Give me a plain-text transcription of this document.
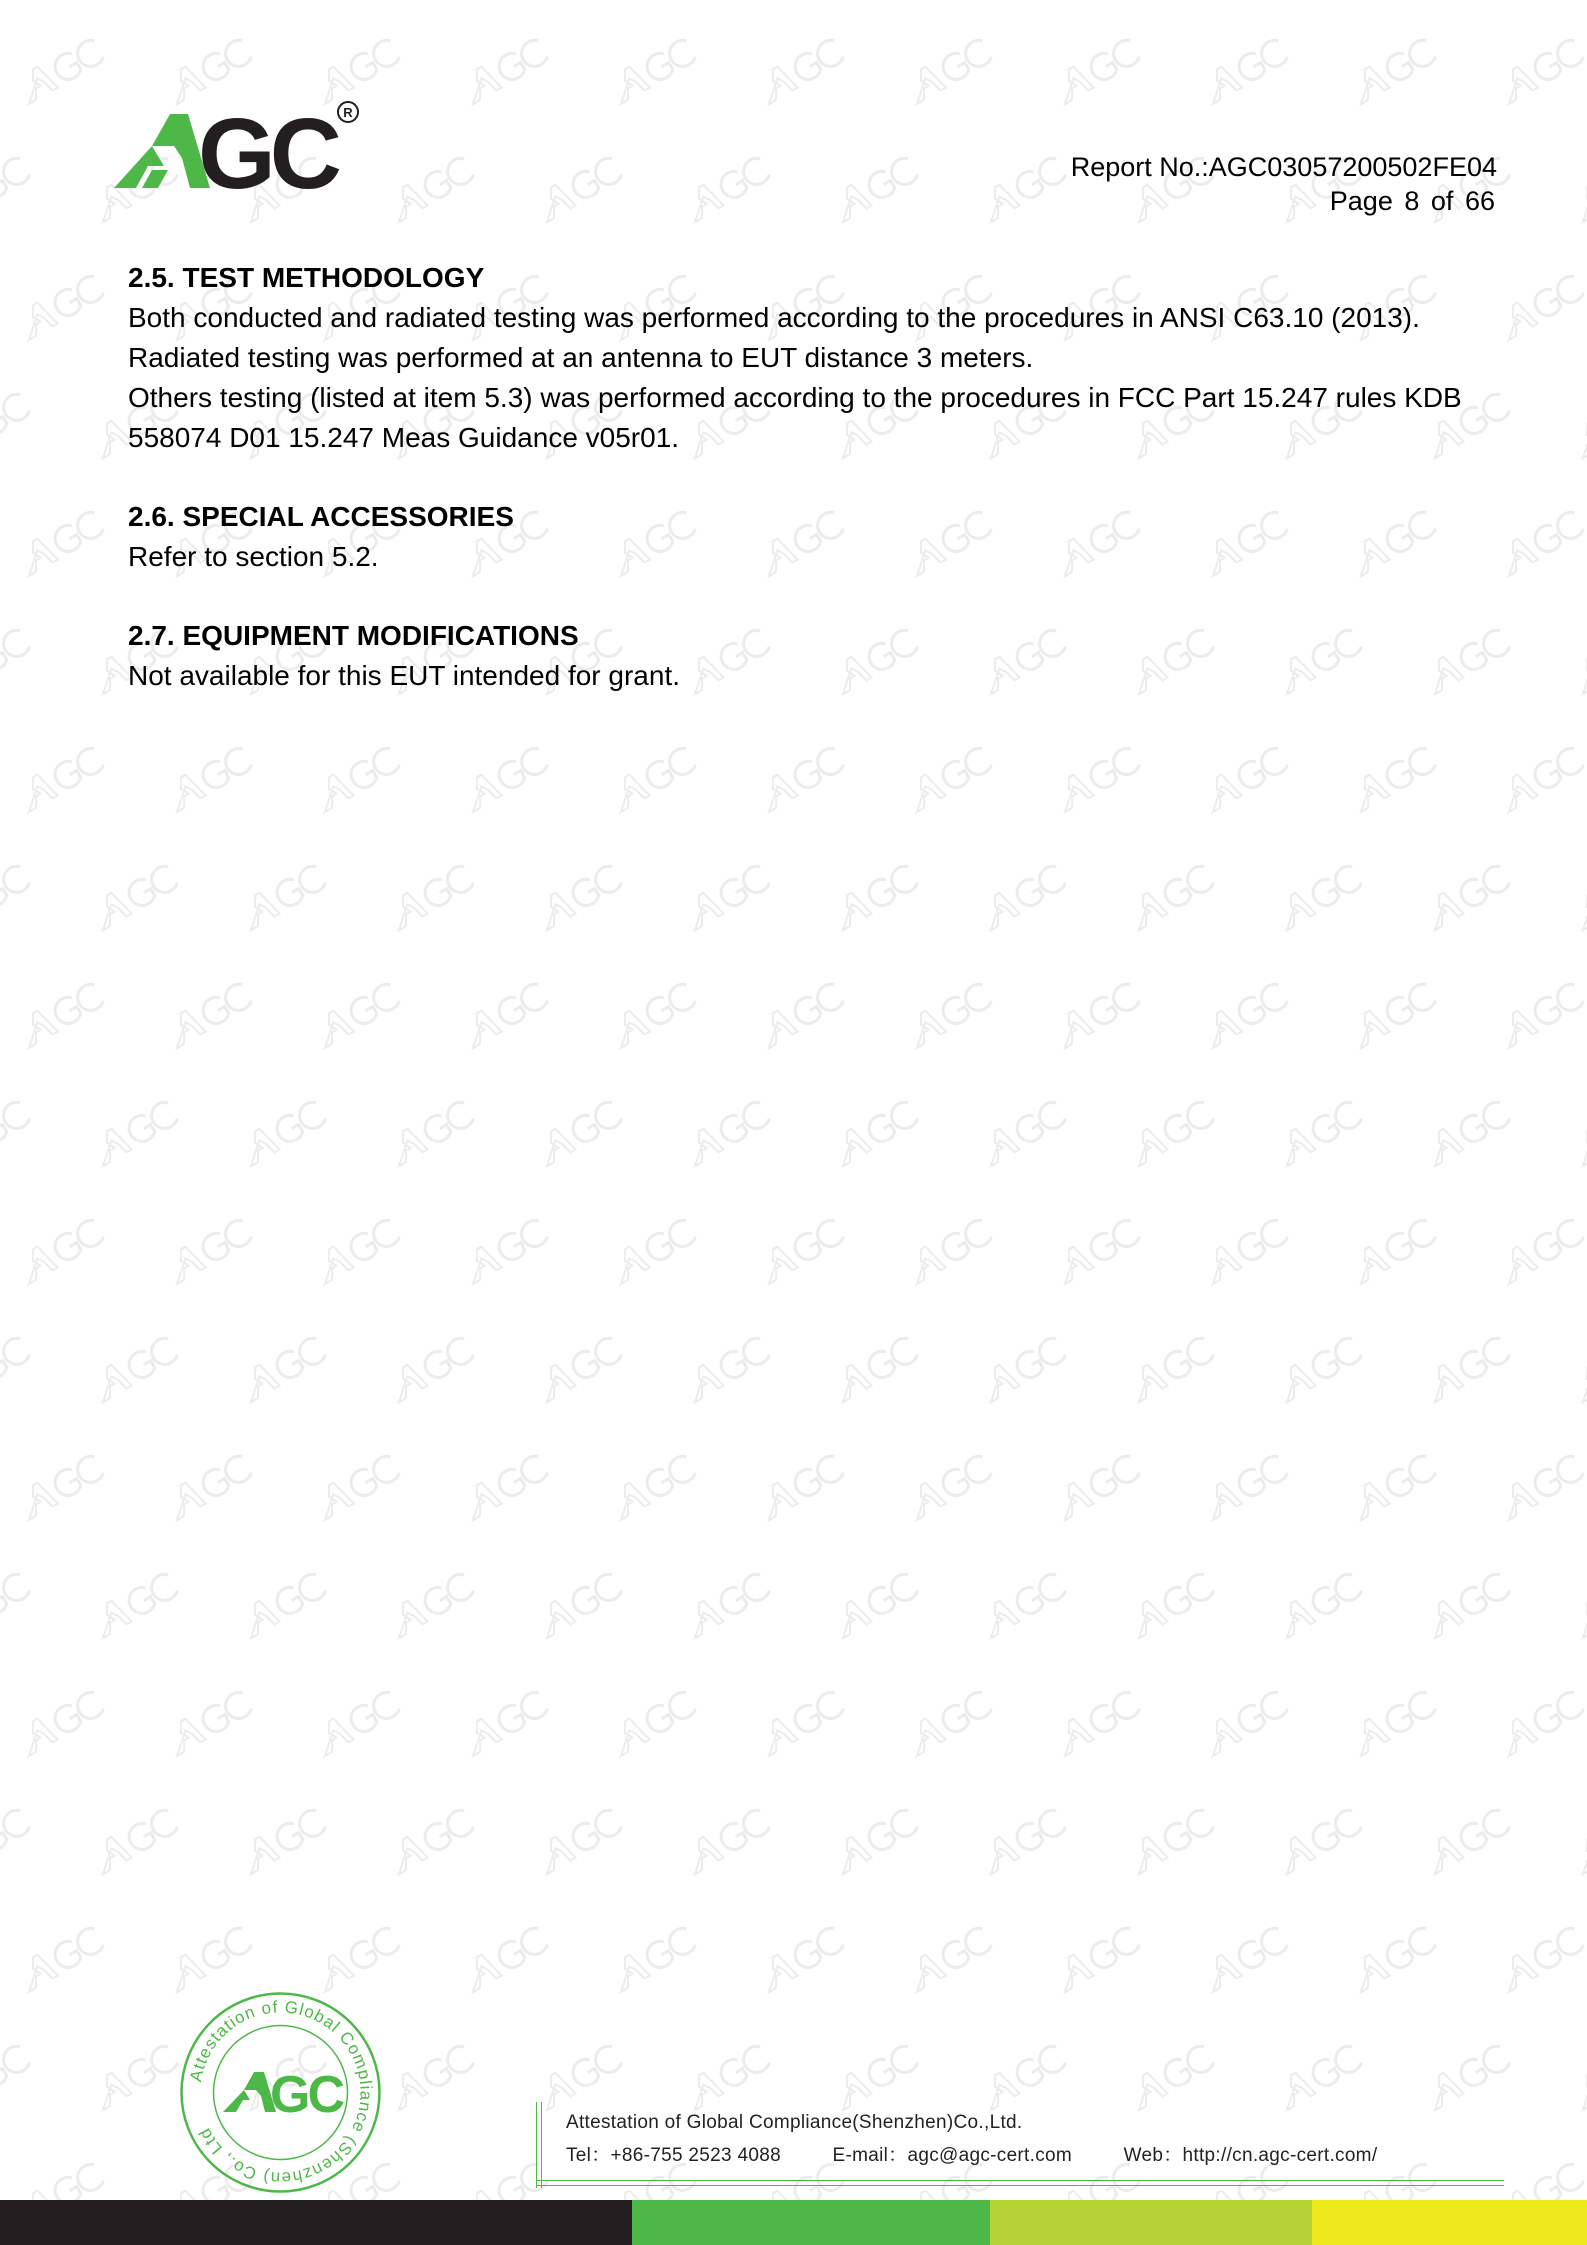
GC R
Report No.:AGC03057200502FE04
Page 8 of 66
2.5. TEST METHODOLOGY

Both conducted and radiated testing was performed according to the procedures in ANSI C63.10 (2013).

Radiated testing was performed at an antenna to EUT distance 3 meters.

Others testing (listed at item 5.3) was performed according to the procedures in FCC Part 15.247 rules KDB

558074 D01 15.247 Meas Guidance v05r01.

2.6. SPECIAL ACCESSORIES

Refer to section 5.2.

2.7. EQUIPMENT MODIFICATIONS

Not available for this EUT intended for grant.

Attestation of Global Compliance (Shenzhen) Co., Ltd
GC	Attestation of Global Compliance(Shenzhen)Co.,Ltd.
Tel：+86-755 2523 4088	E-mail：agc@agc-cert.com	Web：http://cn.agc-cert.com/
